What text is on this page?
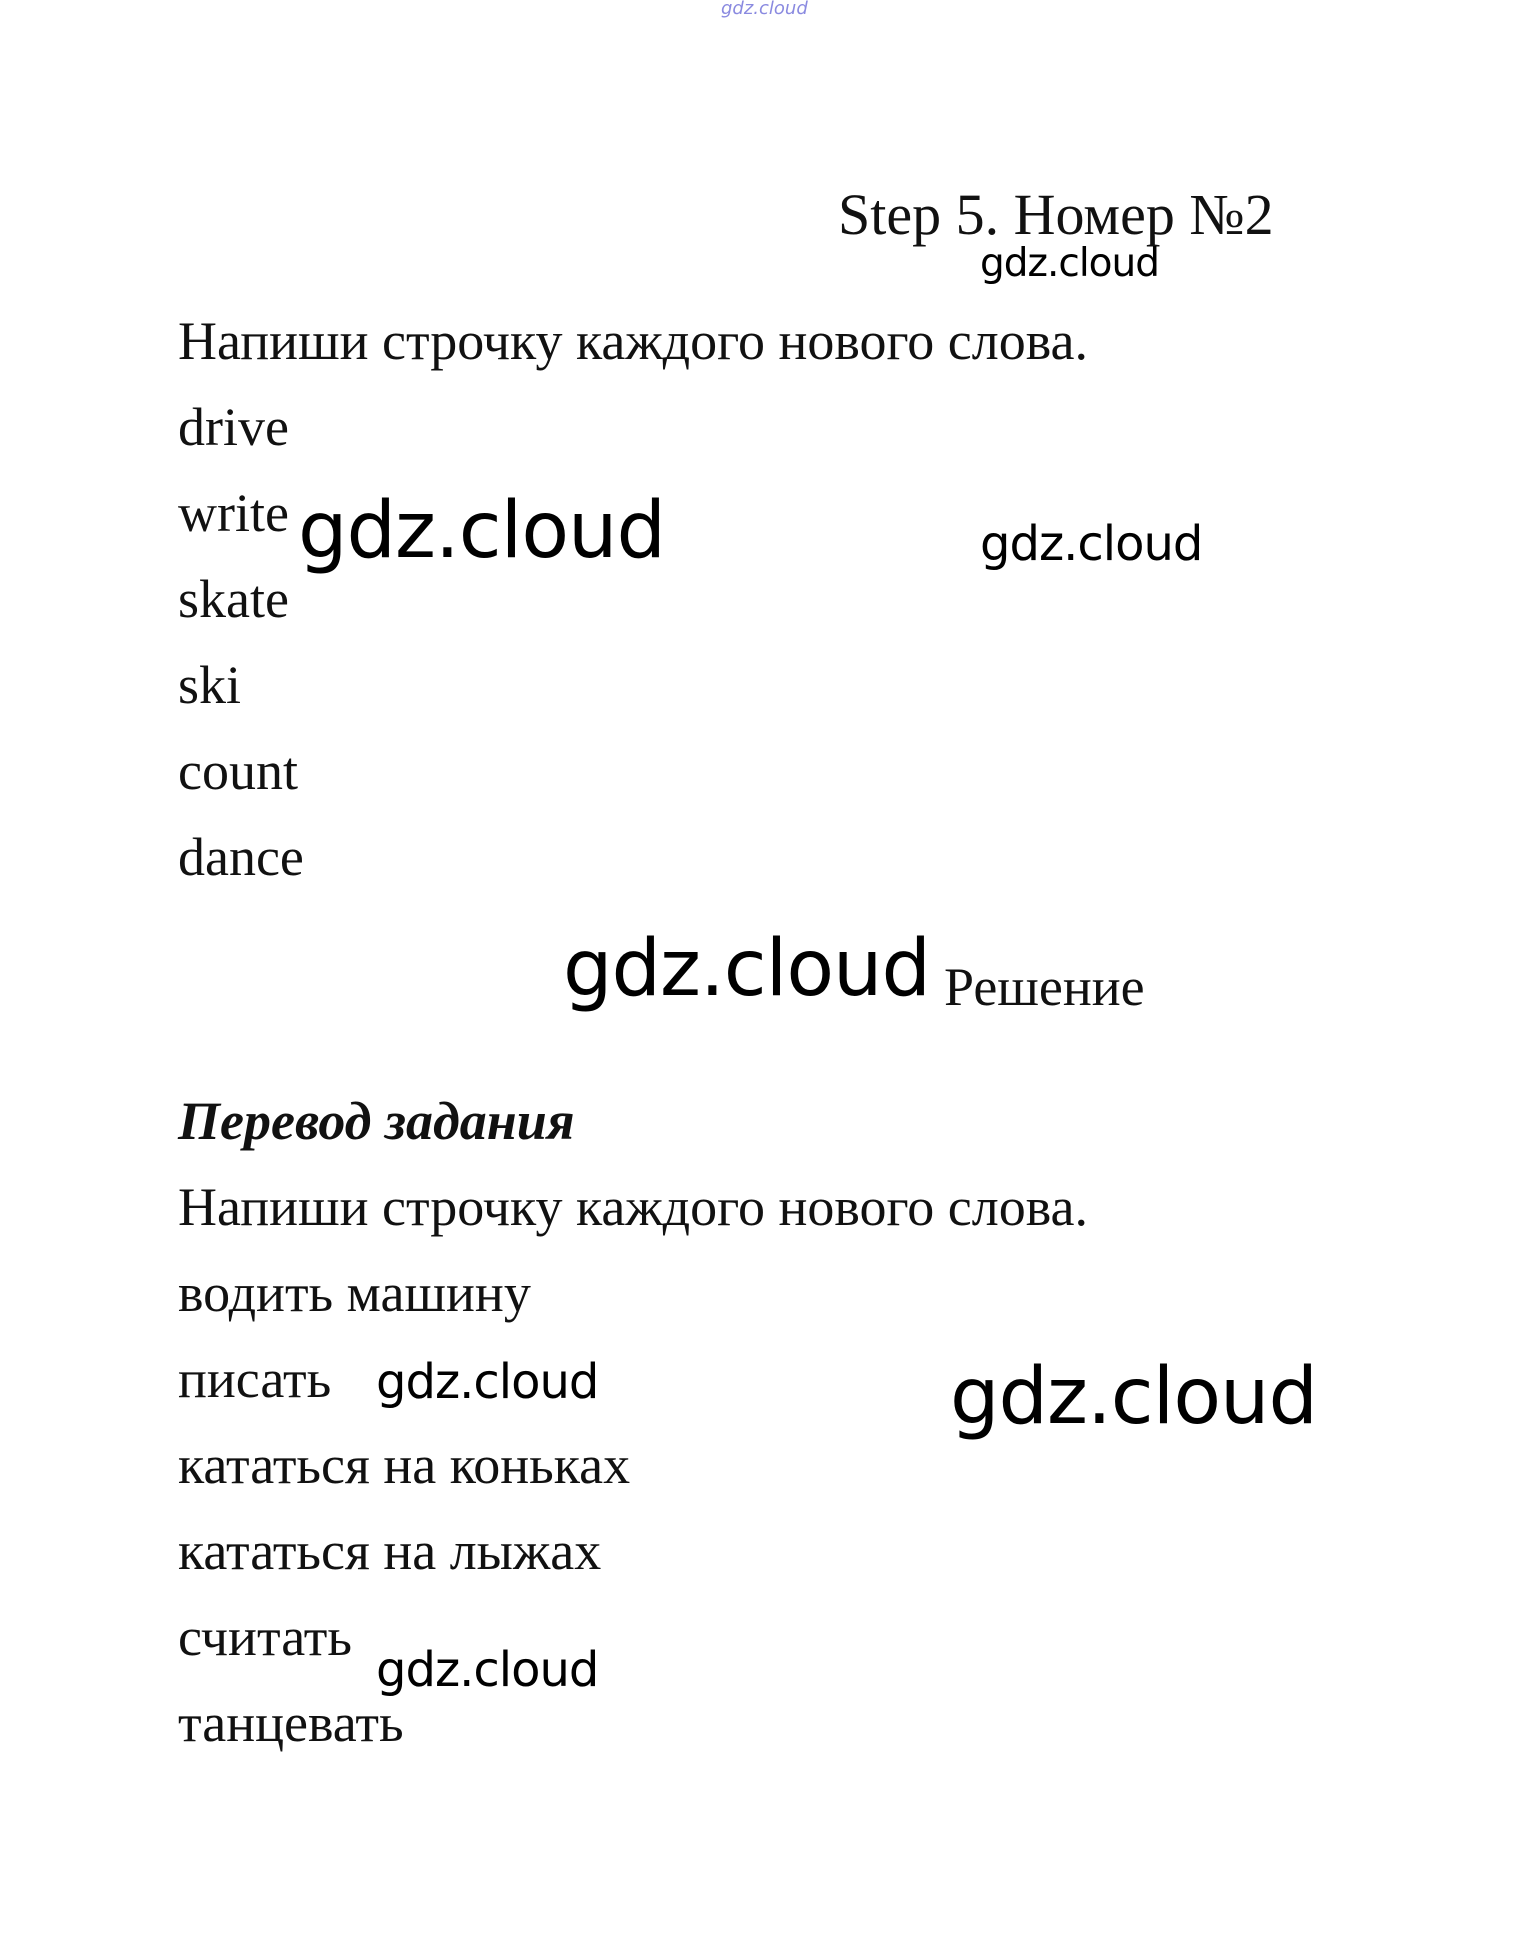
gdz.cloud
Step 5. Номер №2
gdz.cloud
Напиши строчку каждого нового слова.
drive
write gdz.cloud	gdz.cloud
skate
ski
count
dance
gdz.cloud Решение
Перевод задания
Напиши строчку каждого нового слова.
водить машину
писать gdz.cloud	gdz.cloud
кататься на коньках
кататься на лыжах
считать
gdz.cloud
танцевать
